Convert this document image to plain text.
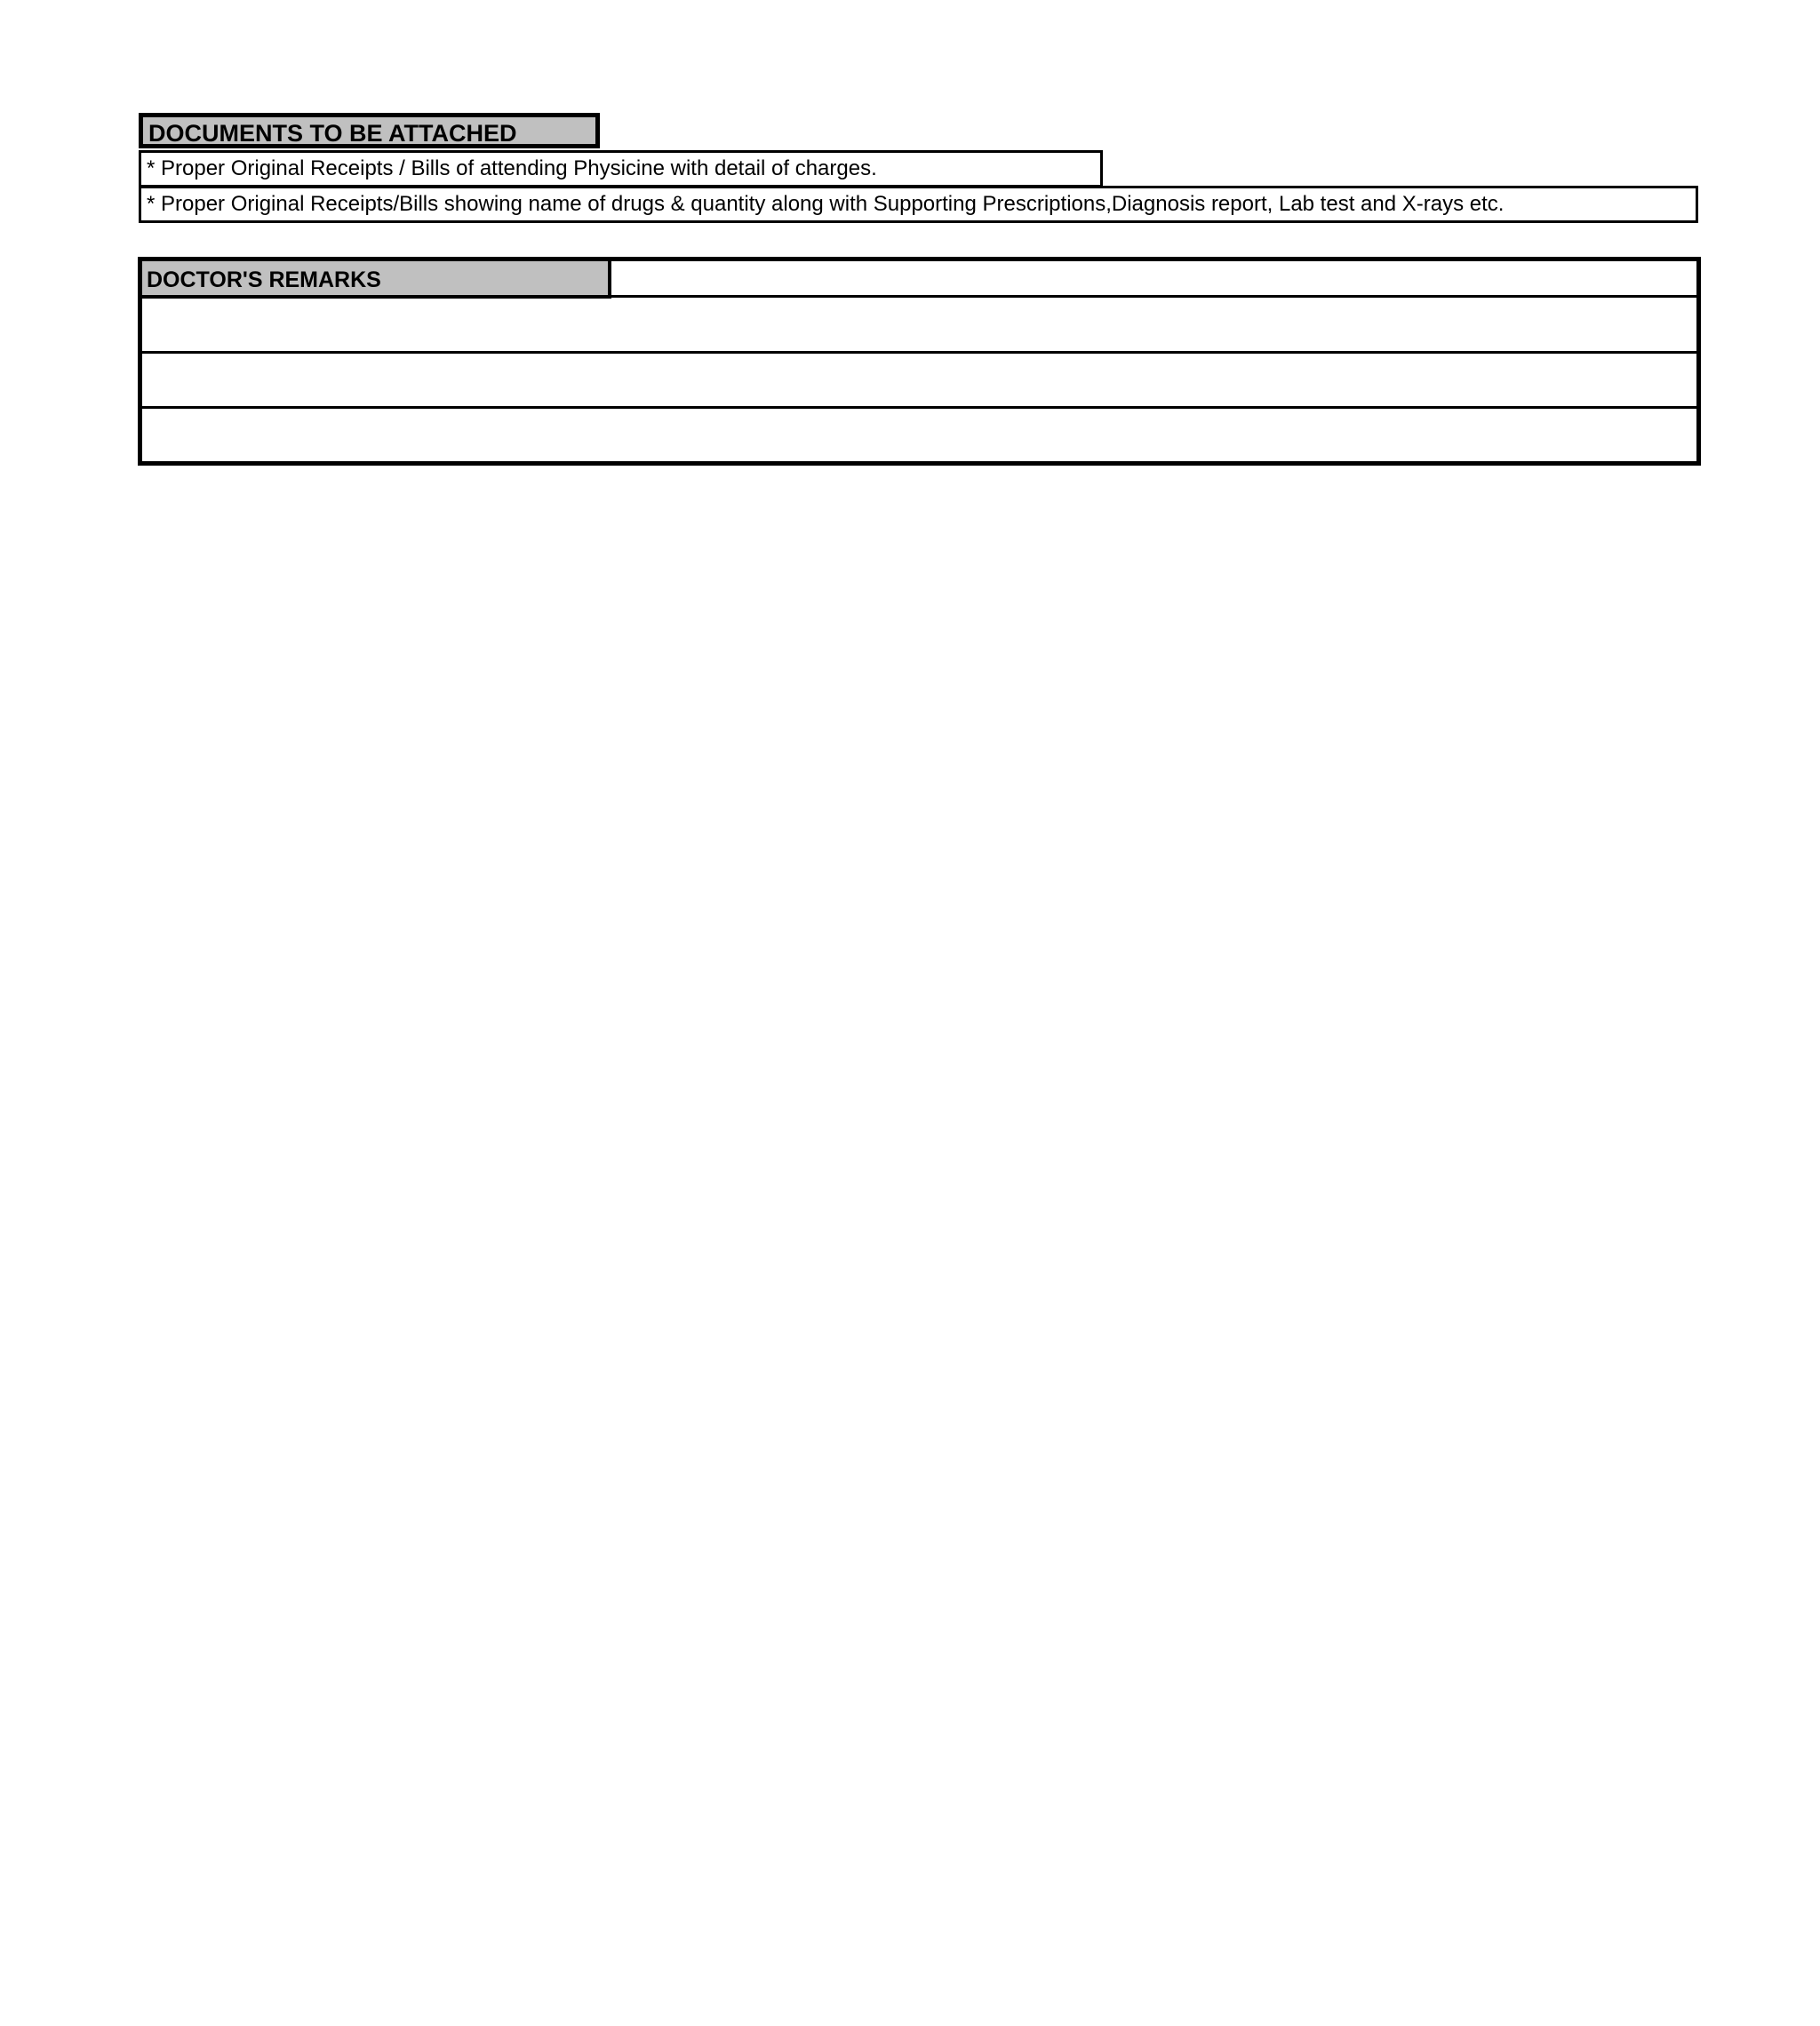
DOCUMENTS TO BE ATTACHED
* Proper Original Receipts / Bills of attending Physicine with detail of charges.
* Proper Original Receipts/Bills showing name of drugs & quantity along with Supporting Prescriptions,Diagnosis report, Lab test and X-rays etc.
DOCTOR'S REMARKS
